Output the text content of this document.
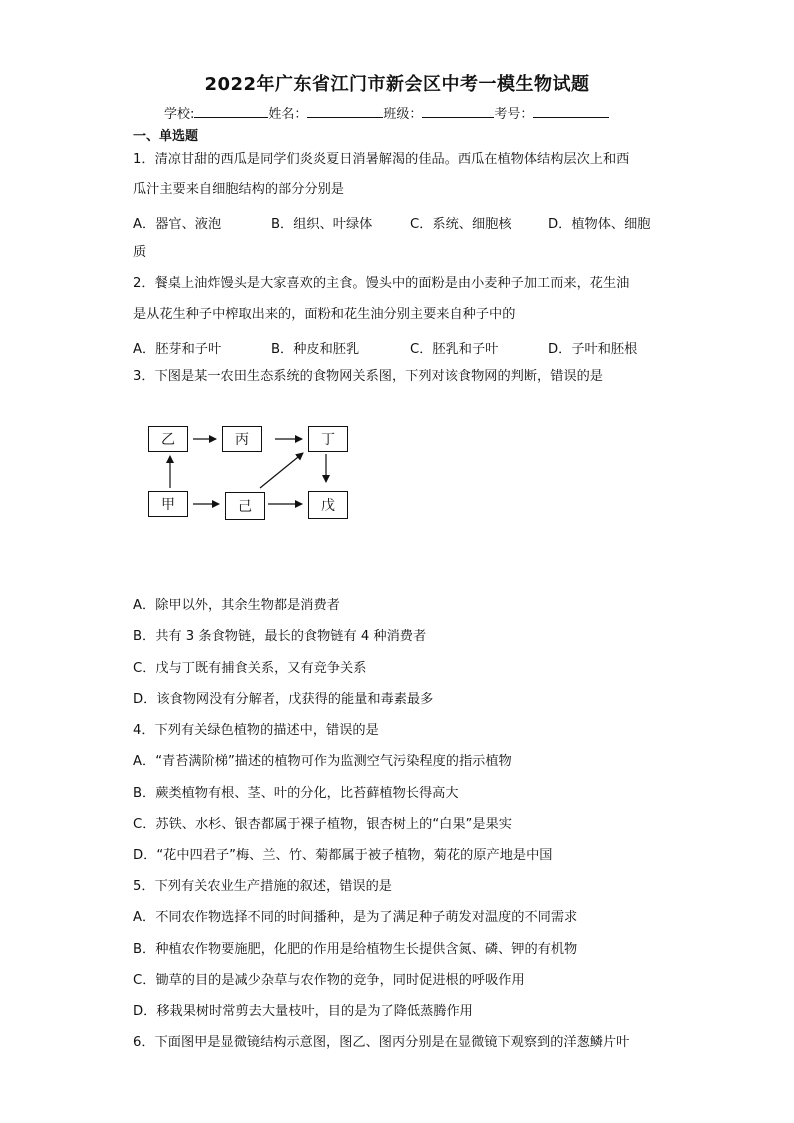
2022年广东省江门市新会区中考一模生物试题
学校:	姓名：	班级：	考号：
一、单选题
1．清凉甘甜的西瓜是同学们炎炎夏日消暑解渴的佳品。西瓜在植物体结构层次上和西
瓜汁主要来自细胞结构的部分分别是
A．器官、液泡	B．组织、叶绿体	C．系统、细胞核	D．植物体、细胞
质
2．餐桌上油炸馒头是大家喜欢的主食。馒头中的面粉是由小麦种子加工而来，花生油
是从花生种子中榨取出来的，面粉和花生油分别主要来自种子中的
A．胚芽和子叶	B．种皮和胚乳	C．胚乳和子叶	D．子叶和胚根
3．下图是某一农田生态系统的食物网关系图，下列对该食物网的判断，错误的是
乙	丙	丁
甲	己	戊
A．除甲以外，其余生物都是消费者
B．共有 3 条食物链，最长的食物链有 4 种消费者
C．戊与丁既有捕食关系，又有竞争关系
D．该食物网没有分解者，戊获得的能量和毒素最多
4．下列有关绿色植物的描述中，错误的是
A．“青苔满阶梯”描述的植物可作为监测空气污染程度的指示植物
B．蕨类植物有根、茎、叶的分化，比苔藓植物长得高大
C．苏铁、水杉、银杏都属于裸子植物，银杏树上的“白果”是果实
D．“花中四君子”梅、兰、竹、菊都属于被子植物，菊花的原产地是中国
5．下列有关农业生产措施的叙述，错误的是
A．不同农作物选择不同的时间播种，是为了满足种子萌发对温度的不同需求
B．种植农作物要施肥，化肥的作用是给植物生长提供含氮、磷、钾的有机物
C．锄草的目的是减少杂草与农作物的竞争，同时促进根的呼吸作用
D．移栽果树时常剪去大量枝叶，目的是为了降低蒸腾作用
6．下面图甲是显微镜结构示意图，图乙、图丙分别是在显微镜下观察到的洋葱鳞片叶
